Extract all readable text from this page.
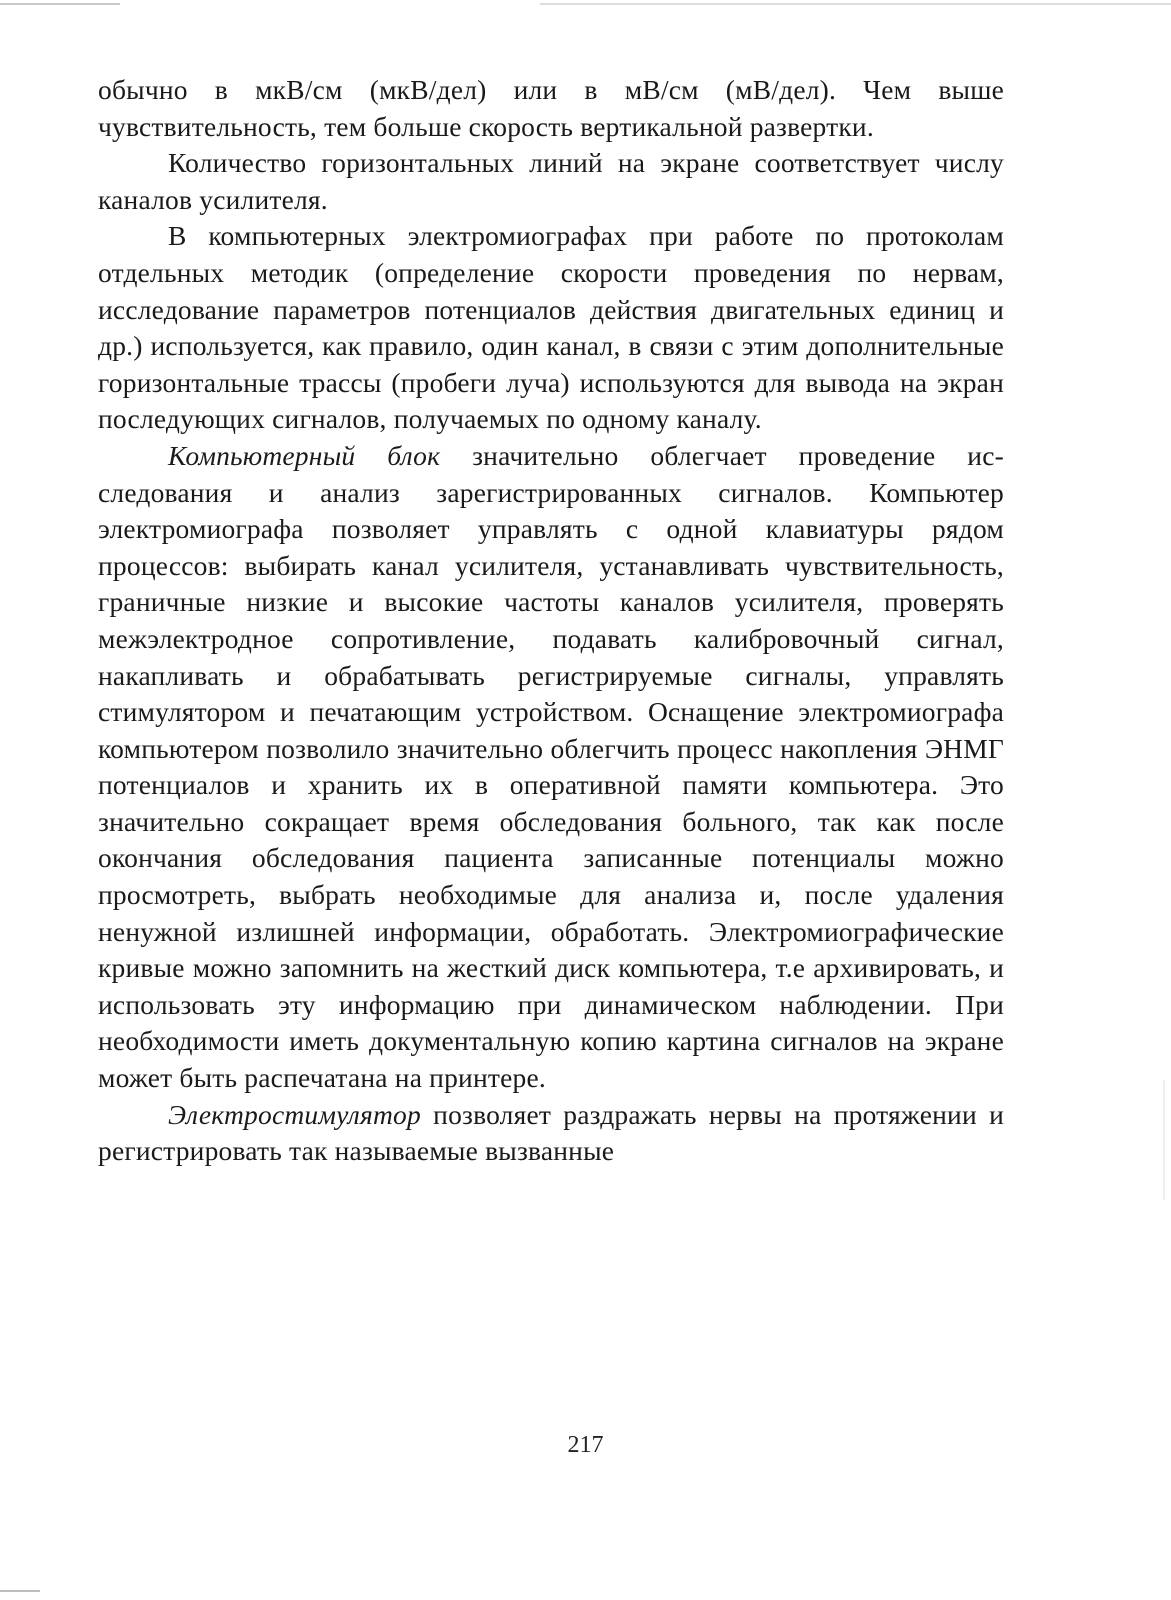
обычно в мкВ/см (мкВ/дел) или в мВ/см (мВ/дел). Чем выше чувствительность, тем больше скорость вертикальной развертки.

Количество горизонтальных линий на экране соответствует числу каналов усилителя.

В компьютерных электромиографах при работе по протоколам отдельных методик (определение скорости проведения по нервам, исследование параметров потенциалов действия двигательных единиц и др.) используется, как правило, один канал, в связи с этим дополнительные горизонтальные трассы (пробеги луча) используются для вывода на экран последующих сигналов, получаемых по одному каналу.

Компьютерный блок значительно облегчает проведение ис- следования и анализ зарегистрированных сигналов. Компьютер электромиографа позволяет управлять с одной клавиатуры рядом процессов: выбирать канал усилителя, устанавливать чувствительность, граничные низкие и высокие частоты каналов усилителя, проверять межэлектродное сопротивление, подавать калибровочный сигнал, накапливать и обрабатывать регистрируемые сигналы, управлять стимулятором и печатающим устройством. Оснащение электромиографа компьютером позволило значительно облегчить процесс накопления ЭНМГ потенциалов и хранить их в оперативной памяти компьютера. Это значительно сокращает время обследования больного, так как после окончания обследования пациента записанные потенциалы можно просмотреть, выбрать необходимые для анализа и, после удаления ненужной излишней информации, обработать. Электромиографические кривые можно запомнить на жесткий диск компьютера, т.е архивировать, и использовать эту информацию при динамическом наблюдении. При необходимости иметь документальную копию картина сигналов на экране может быть распечатана на принтере.

Электростимулятор позволяет раздражать нервы на протяжении и регистрировать так называемые вызванные

217
